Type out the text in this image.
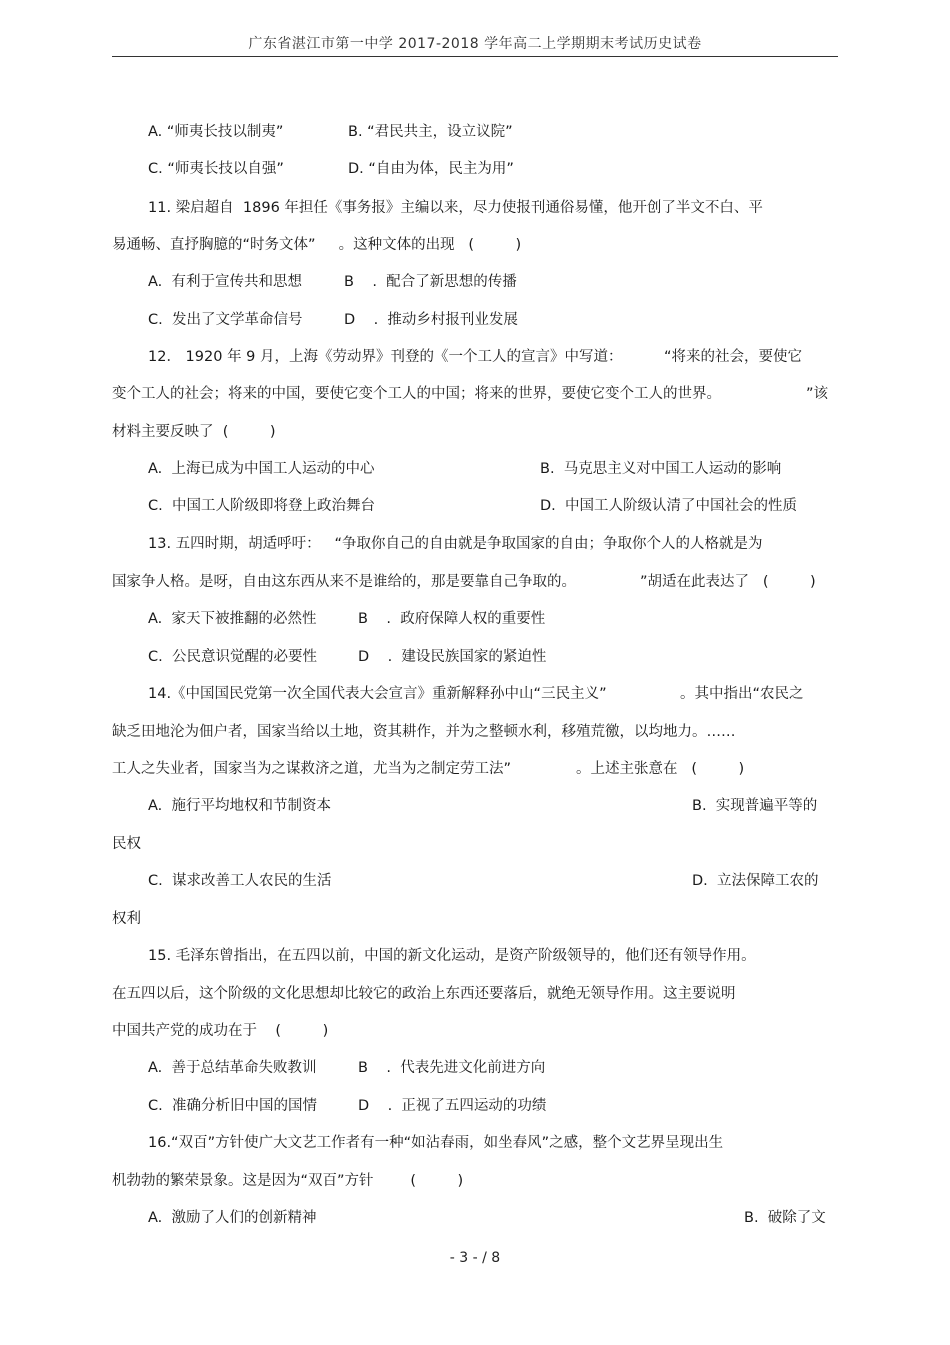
广东省湛江市第一中学 2017-2018 学年高二上学期期末考试历史试卷
A. “师夷长技以制夷”	B. “君民共主，设立议院”
C. “师夷长技以自强”	D. “自由为体，民主为用”
11. 梁启超自  1896 年担任《事务报》主编以来，尽力使报刊通俗易懂，他开创了半文不白、平
易通畅、直抒胸臆的“时务文体”     。这种文体的出现   (         )
A.  有利于宣传共和思想	B    .  配合了新思想的传播
C.  发出了文学革命信号	D    .  推动乡村报刊业发展
12． 1920 年 9 月，上海《劳动界》刊登的《一个工人的宣言》中写道：         “将来的社会，要使它
变个工人的社会；将来的中国，要使它变个工人的中国；将来的世界，要使它变个工人的世界。	”该
材料主要反映了  (         )
A.  上海已成为中国工人运动的中心	B.  马克思主义对中国工人运动的影响
C.  中国工人阶级即将登上政治舞台	D.  中国工人阶级认清了中国社会的性质
13. 五四时期，胡适呼吁：   “争取你自己的自由就是争取国家的自由；争取你个人的人格就是为
国家争人格。是呀，自由这东西从来不是谁给的，那是要靠自己争取的。	”胡适在此表达了   (         )
A.  家天下被推翻的必然性	B    .  政府保障人权的重要性
C.  公民意识觉醒的必要性	D    .  建设民族国家的紧迫性
14.《中国国民党第一次全国代表大会宣言》重新解释孙中山“三民主义”	。其中指出“农民之
缺乏田地沦为佃户者，国家当给以土地，资其耕作，并为之整顿水利，移殖荒徼，以均地力。……
工人之失业者，国家当为之谋救济之道，尤当为之制定劳工法”	。上述主张意在   (         )
A.  施行平均地权和节制资本	B.  实现普遍平等的
民权
C.  谋求改善工人农民的生活	D.  立法保障工农的
权利
15. 毛泽东曾指出，在五四以前，中国的新文化运动，是资产阶级领导的，他们还有领导作用。
在五四以后，这个阶级的文化思想却比较它的政治上东西还要落后，就绝无领导作用。这主要说明
中国共产党的成功在于    (         )
A.  善于总结革命失败教训	B    .  代表先进文化前进方向
C.  准确分析旧中国的国情	D    .  正视了五四运动的功绩
16.“双百”方针使广大文艺工作者有一种“如沾春雨，如坐春风”之感，整个文艺界呈现出生
机勃勃的繁荣景象。这是因为“双百”方针        (         )
A.  激励了人们的创新精神	B.  破除了文
- 3 - / 8
